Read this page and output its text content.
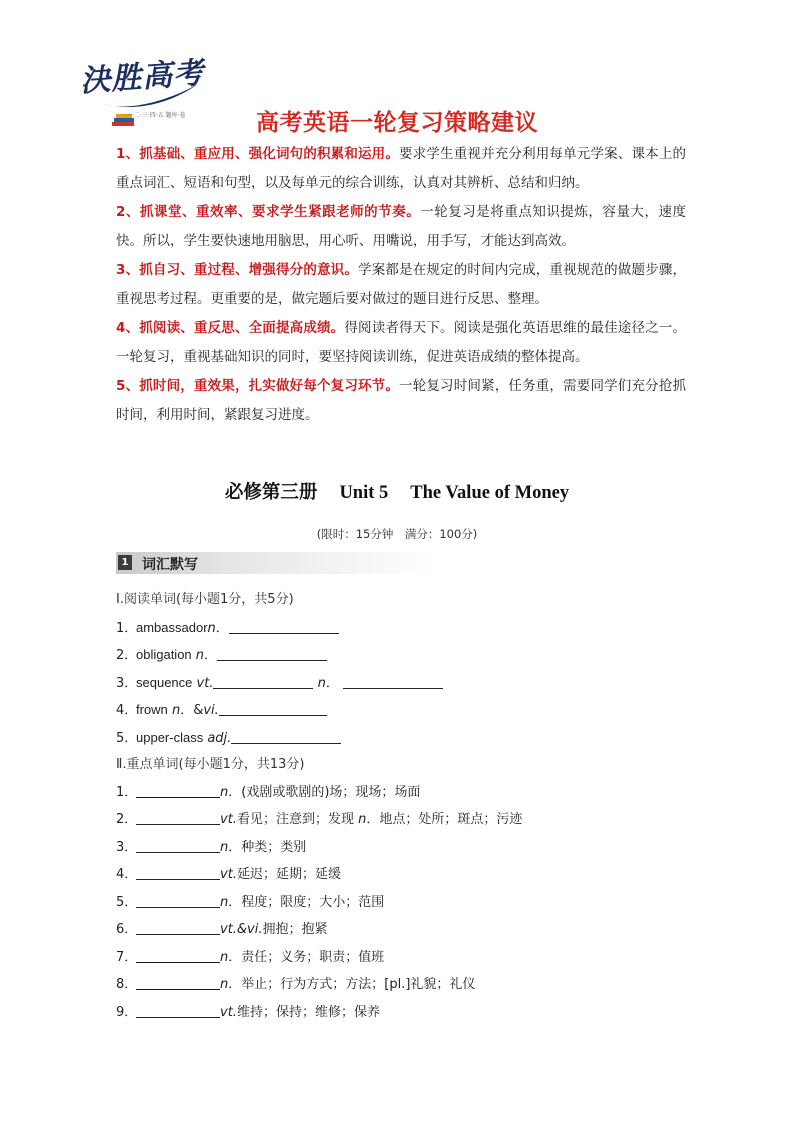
決胜高考
一·二·三·四·五 题库·卷	高考英语一轮复习策略建议

1、抓基础、重应用、强化词句的积累和运用。要求学生重视并充分利用每单元学案、课本上的重点词汇、短语和句型，以及每单元的综合训练，认真对其辨析、总结和归纳。

2、抓课堂、重效率、要求学生紧跟老师的节奏。一轮复习是将重点知识提炼，容量大，速度快。所以，学生要快速地用脑思，用心听、用嘴说，用手写，才能达到高效。

3、抓自习、重过程、增强得分的意识。学案都是在规定的时间内完成，重视规范的做题步骤，重视思考过程。更重要的是，做完题后要对做过的题目进行反思、整理。

4、抓阅读、重反思、全面提高成绩。得阅读者得天下。阅读是强化英语思维的最佳途径之一。一轮复习，重视基础知识的同时，要坚持阅读训练，促进英语成绩的整体提高。

5、抓时间，重效果，扎实做好每个复习环节。一轮复习时间紧，任务重，需要同学们充分抢抓时间，利用时间，紧跟复习进度。

必修第三册 Unit 5 The Value of Money
(限时：15分钟　满分：100分)
1 词汇默写
Ⅰ.阅读单词(每小题1分，共5分)
1．ambassadorn．
2．obligation n．
3．sequence vt.	n．
4．frown n．&vi.
5．upper-class adj.
Ⅱ.重点单词(每小题1分，共13分)
1．	n．(戏剧或歌剧的)场；现场；场面
2．	vt.看见；注意到；发现 n．地点；处所；斑点；污迹
3．	n．种类；类别
4．	vt.延迟；延期；延缓
5．	n．程度；限度；大小；范围
6．	vt.&vi.拥抱；抱紧
7．	n．责任；义务；职责；值班
8．	n．举止；行为方式；方法；[pl.]礼貌；礼仪
9．	vt.维持；保持；维修；保养
